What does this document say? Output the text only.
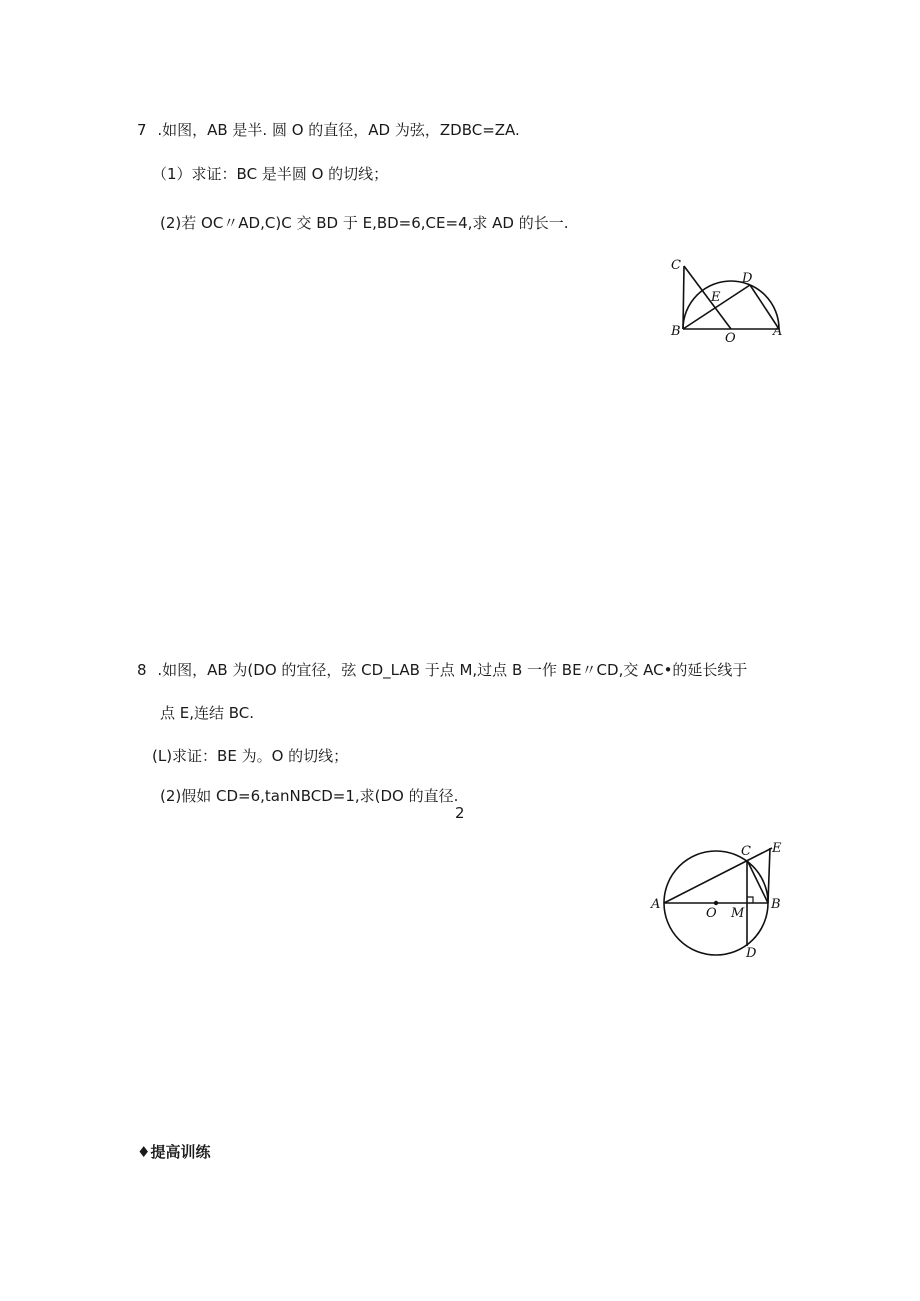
7 .如图，AB 是半. 圆 O 的直径，AD 为弦，ZDBC=ZA.
（1）求证：BC 是半圆 O 的切线；
(2)若 OC〃AD,C)C 交 BD 于 E,BD=6,CE=4,求 AD 的长一.
C
D
E
B	O	A
8 .如图，AB 为(DO 的宜径，弦 CD_LAB 于点 M,过点 B 一作 BE〃CD,交 AC•的延长线于
点 E,连结 BC.
(L)求证：BE 为。O 的切线；
(2)假如 CD=6,tanNBCD=1,求(DO 的直径.
2
A
O M
B
C E
D
♦提高训练
